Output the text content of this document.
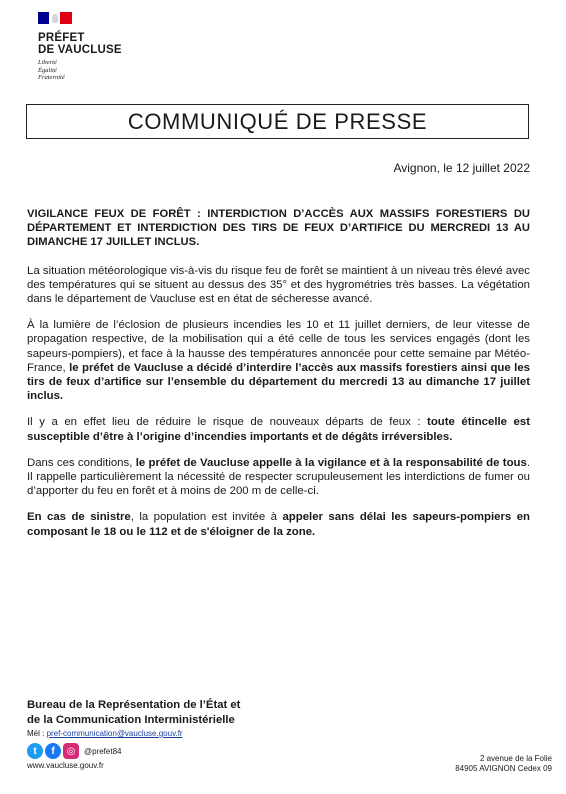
PRÉFET
DE VAUCLUSE
Liberté
Égalité
Fraternité
COMMUNIQUÉ DE PRESSE
Avignon, le 12 juillet 2022

VIGILANCE FEUX DE FORÊT : INTERDICTION D’ACCÈS AUX MASSIFS FORESTIERS DU DÉPARTEMENT ET INTERDICTION DES TIRS DE FEUX D’ARTIFICE DU MERCREDI 13 AU DIMANCHE 17 JUILLET INCLUS.

La situation météorologique vis-à-vis du risque feu de forêt se maintient à un niveau très élevé avec des températures qui se situent au dessus des 35° et des hygrométries très basses. La végétation dans le département de Vaucluse est en état de sécheresse avancé.

À la lumière de l’éclosion de plusieurs incendies les 10 et 11 juillet derniers, de leur vitesse de propagation respective, de la mobilisation qui a été celle de tous les services engagés (dont les sapeurs-pompiers), et face à la hausse des températures annoncée pour cette semaine par Météo-France, le préfet de Vaucluse a décidé d’interdire l’accès aux massifs forestiers ainsi que les tirs de feux d’artifice sur l’ensemble du département du mercredi 13 au dimanche 17 juillet inclus.

Il y a en effet lieu de réduire le risque de nouveaux départs de feux : toute étincelle est susceptible d’être à l’origine d’incendies importants et de dégâts irréversibles.

Dans ces conditions, le préfet de Vaucluse appelle à la vigilance et à la responsabilité de tous. Il rappelle particulièrement la nécessité de respecter scrupuleusement les interdictions de fumer ou d’apporter du feu en forêt et à moins de 200 m de celle-ci.

En cas de sinistre, la population est invitée à appeler sans délai les sapeurs-pompiers en composant le 18 ou le 112 et de s'éloigner de la zone.

Bureau de la Représentation de l’État et
de la Communication Interministérielle
Mél : pref-communication@vaucluse.gouv.fr
t	f	◎	@prefet84
www.vaucluse.gouv.fr
2 avenue de la Folie
84905 AVIGNON Cedex 09
